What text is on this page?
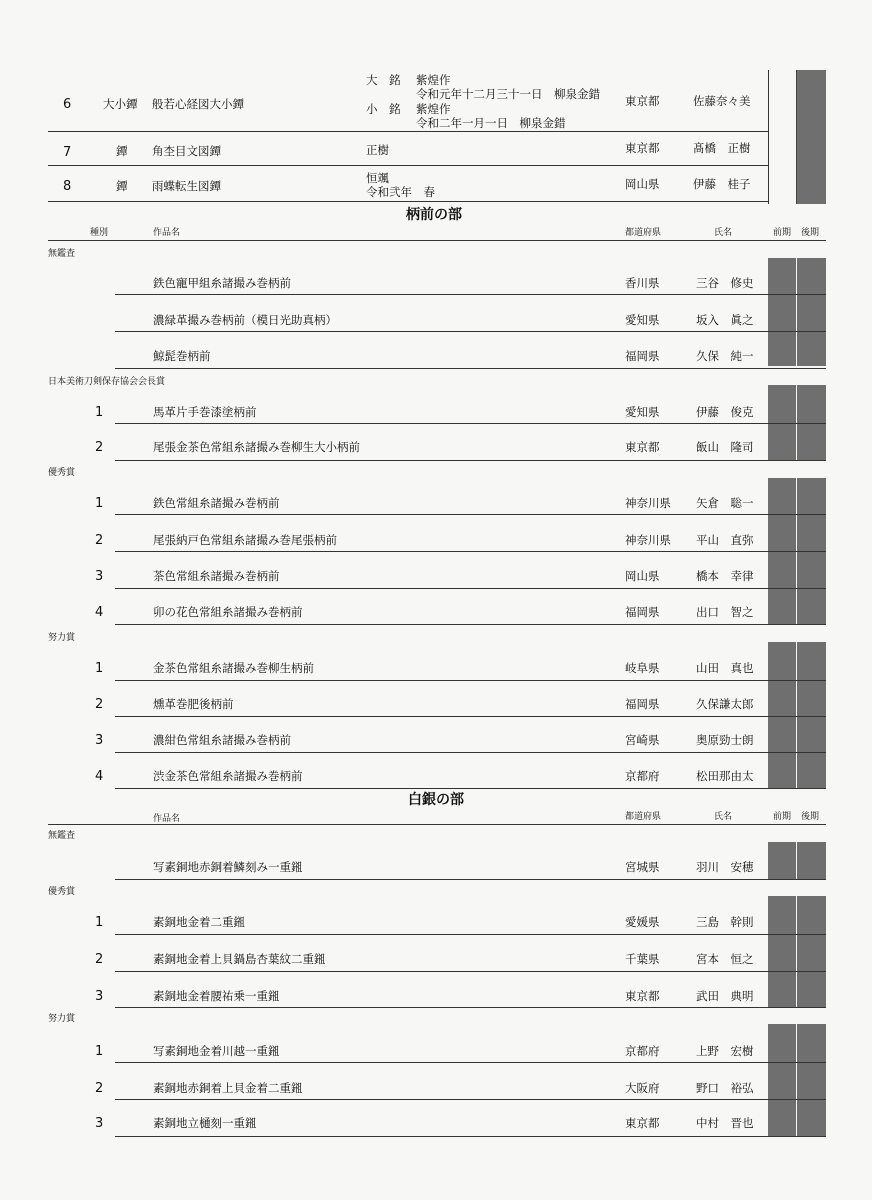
6	大小鐔 般若心経図大小鐔
大　銘 紫煌作
令和元年十二月三十一日　柳泉金錯
小　銘 紫煌作
令和二年一月一日　柳泉金錯
東京都	佐藤奈々美
7	鐔 角杢目文図鐔	正樹	東京都	髙橋　正樹
8	鐔 雨蝶転生図鐔
恒颯
令和弐年　春
岡山県	伊藤　桂子
柄前の部
種別	作品名	都道府県	氏名	前期 後期
無鑑査
鉄色寵甲組糸諸撮み巻柄前	香川県	三谷　修史
濃緑革撮み巻柄前（模日光助真柄）	愛知県	坂入　眞之
鯨髭巻柄前	福岡県	久保　純一
日本美術刀剣保存協会会長賞
1	馬革片手巻漆塗柄前	愛知県	伊藤　俊克
2	尾張金茶色常組糸諸撮み巻柳生大小柄前	東京都	飯山　隆司
優秀賞
1	鉄色常組糸諸撮み巻柄前	神奈川県 矢倉　聡一
2	尾張納戸色常組糸諸撮み巻尾張柄前	神奈川県 平山　直弥
3	茶色常組糸諸撮み巻柄前	岡山県	橋本　幸律
4	卯の花色常組糸諸撮み巻柄前	福岡県	出口　智之
努力賞
1	金茶色常組糸諸撮み巻柳生柄前	岐阜県	山田　真也
2	燻革巻肥後柄前	福岡県	久保謙太郎
3	濃紺色常組糸諸撮み巻柄前	宮崎県	奥原勁士朗
4	渋金茶色常組糸諸撮み巻柄前	京都府	松田那由太
白銀の部
作品名	都道府県	氏名	前期 後期
無鑑査
写素銅地赤銅着鱗刻み一重鎺	宮城県	羽川　安穂
優秀賞
1	素銅地金着二重鎺	愛媛県	三島　幹則
2	素銅地金着上貝鍋島杏葉紋二重鎺	千葉県	宮本　恒之
3	素銅地金着腰祐乗一重鎺	東京都	武田　典明
努力賞
1	写素銅地金着川越一重鎺	京都府	上野　宏樹
2	素銅地赤銅着上貝金着二重鎺	大阪府	野口　裕弘
3	素銅地立樋刻一重鎺	東京都	中村　晋也
